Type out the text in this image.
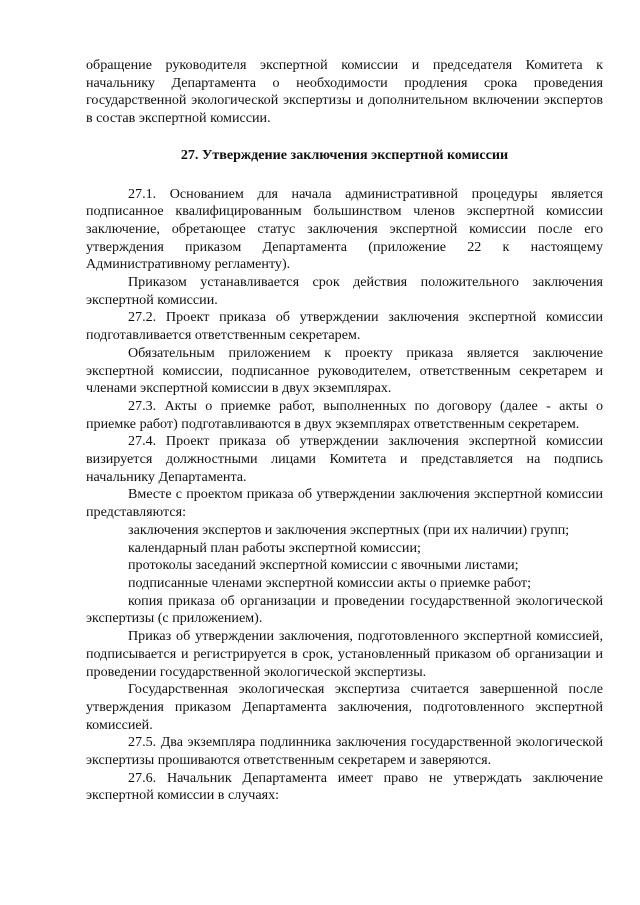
обращение руководителя экспертной комиссии и председателя Комитета к начальнику Департамента о необходимости продления срока проведения государственной экологической экспертизы и дополнительном включении экспертов в состав экспертной комиссии.

27. Утверждение заключения экспертной комиссии

27.1. Основанием для начала административной процедуры является подписанное квалифицированным большинством членов экспертной комиссии заключение, обретающее статус заключения экспертной комиссии после его утверждения приказом Департамента (приложение 22 к настоящему Административному регламенту).

Приказом устанавливается срок действия положительного заключения экспертной комиссии.

27.2. Проект приказа об утверждении заключения экспертной комиссии подготавливается ответственным секретарем.

Обязательным приложением к проекту приказа является заключение экспертной комиссии, подписанное руководителем, ответственным секретарем и членами экспертной комиссии в двух экземплярах.

27.3. Акты о приемке работ, выполненных по договору (далее - акты о приемке работ) подготавливаются в двух экземплярах ответственным секретарем.

27.4. Проект приказа об утверждении заключения экспертной комиссии визируется должностными лицами Комитета и представляется на подпись начальнику Департамента.

Вместе с проектом приказа об утверждении заключения экспертной комиссии представляются:

заключения экспертов и заключения экспертных (при их наличии) групп;

календарный план работы экспертной комиссии;

протоколы заседаний экспертной комиссии с явочными листами;

подписанные членами экспертной комиссии акты о приемке работ;

копия приказа об организации и проведении государственной экологической экспертизы (с приложением).

Приказ об утверждении заключения, подготовленного экспертной комиссией, подписывается и регистрируется в срок, установленный приказом об организации и проведении государственной экологической экспертизы.

Государственная экологическая экспертиза считается завершенной после утверждения приказом Департамента заключения, подготовленного экспертной комиссией.

27.5. Два экземпляра подлинника заключения государственной экологической экспертизы прошиваются ответственным секретарем и заверяются.

27.6. Начальник Департамента имеет право не утверждать заключение экспертной комиссии в случаях:
